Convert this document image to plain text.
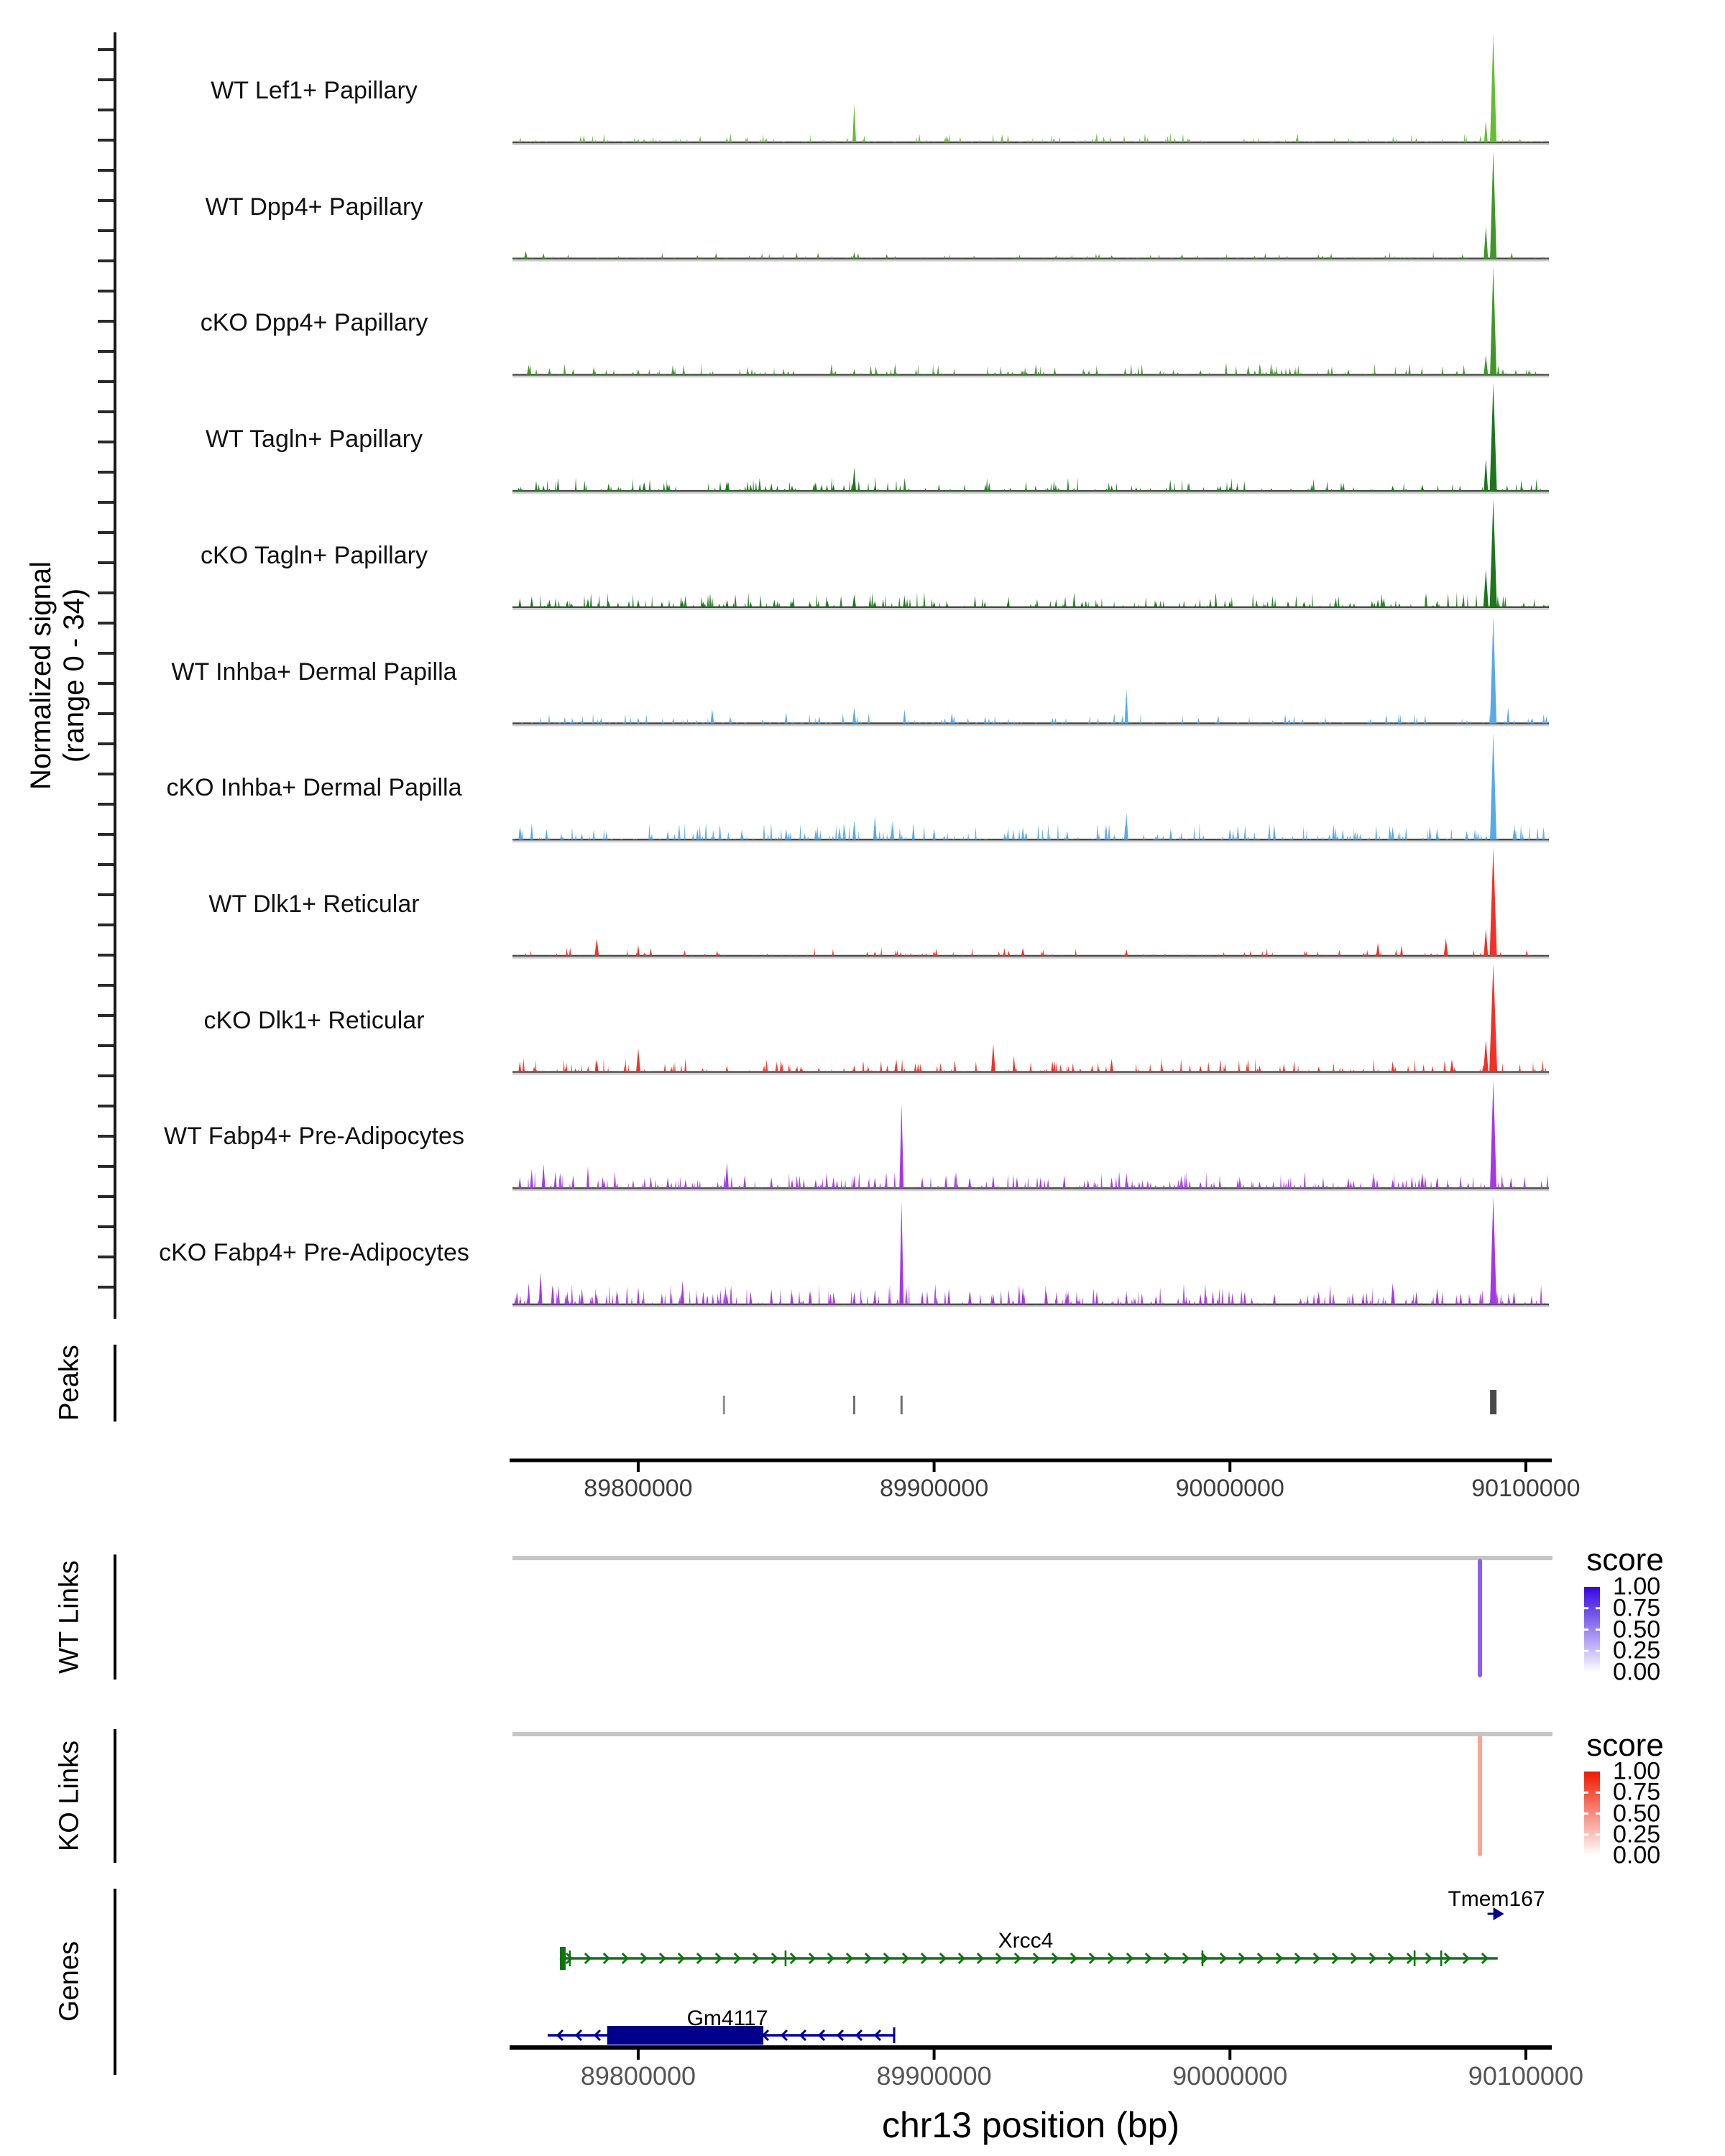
Normalized signal (range 0 - 34)
Peaks
WT Links
KO Links
Genes
chr13 position (bp)
WT Lef1+ Papillary
WT Dpp4+ Papillary
cKO Dpp4+ Papillary
WT Tagln+ Papillary
cKO Tagln+ Papillary
WT Inhba+ Dermal Papilla
cKO Inhba+ Dermal Papilla
WT Dlk1+ Reticular
cKO Dlk1+ Reticular
WT Fabp4+ Pre-Adipocytes
cKO Fabp4+ Pre-Adipocytes
89800000	89900000	90000000	90100000
89800000	89900000	90000000	90100000
score
1.00
0.75
0.50
0.25
0.00
score
1.00
0.75
0.50
0.25
0.00
Xrcc4
Gm4117
Tmem167
